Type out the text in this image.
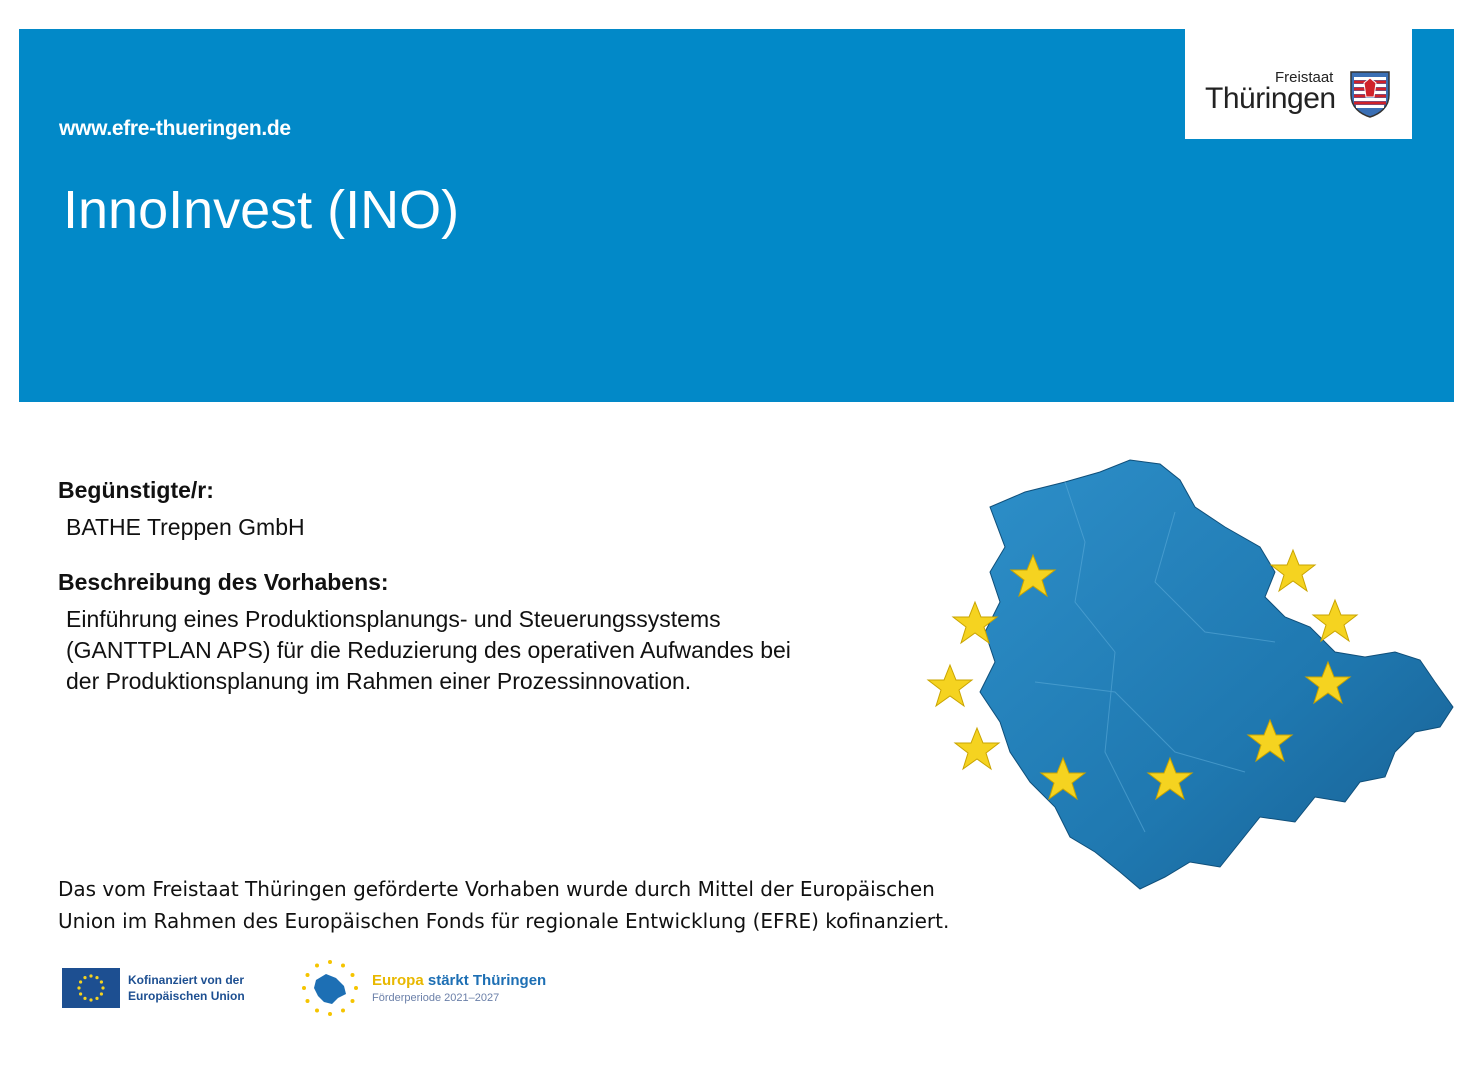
www.efre-thueringen.de
InnoInvest (INO)
Freistaat
Thüringen
Begünstigte/r:
BATHE Treppen GmbH
Beschreibung des Vorhabens:
Einführung eines Produktionsplanungs- und Steuerungssystems
(GANTTPLAN APS) für die Reduzierung des operativen Aufwandes bei
der Produktionsplanung im Rahmen einer Prozessinnovation.
Das vom Freistaat Thüringen geförderte Vorhaben wurde durch Mittel der Europäischen
Union im Rahmen des Europäischen Fonds für regionale Entwicklung (EFRE) kofinanziert.
Kofinanziert von der
Europäischen Union
Europa stärkt Thüringen
Förderperiode 2021–2027
